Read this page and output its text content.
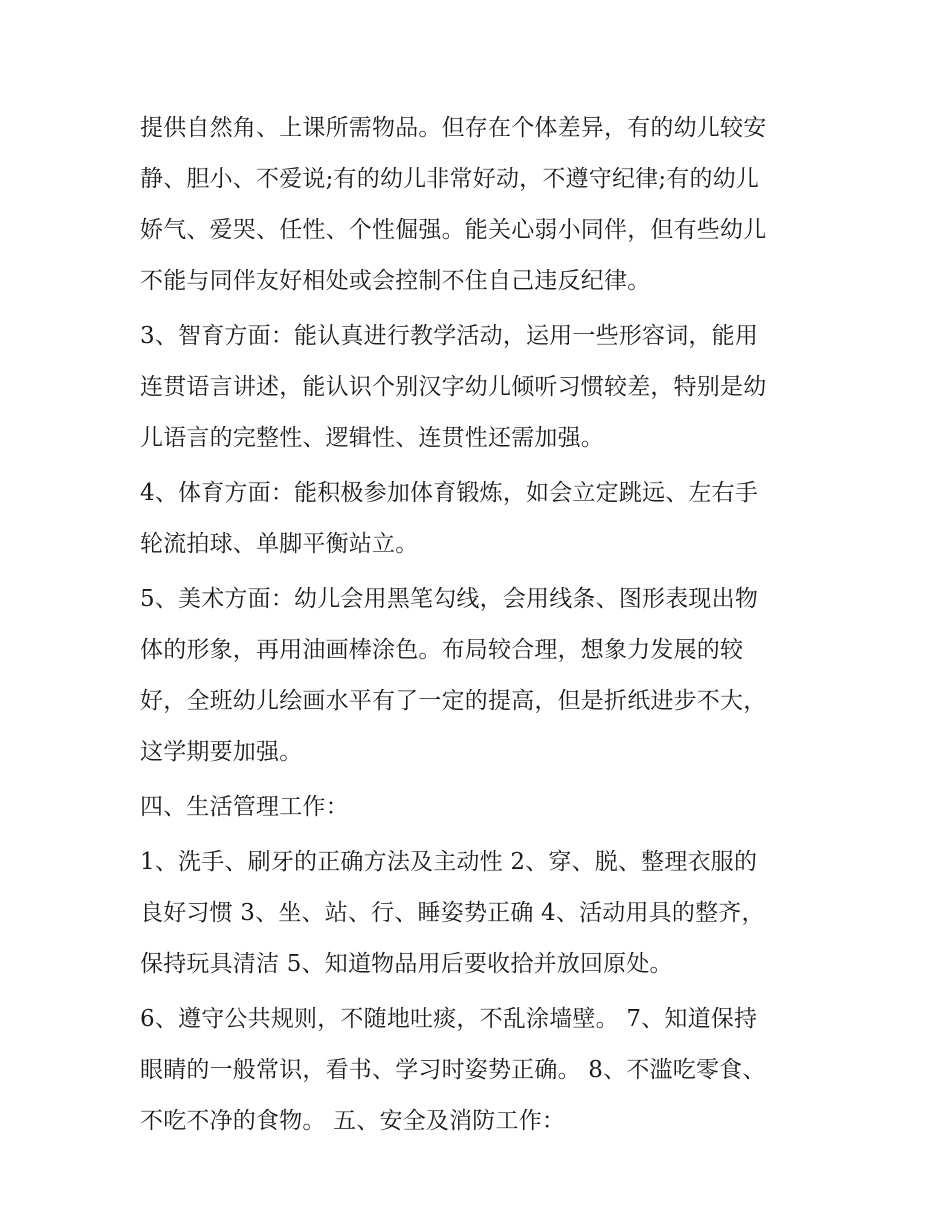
提供自然角、上课所需物品。但存在个体差异，有的幼儿较安
静、胆小、不爱说;有的幼儿非常好动，不遵守纪律;有的幼儿
娇气、爱哭、任性、个性倔强。能关心弱小同伴，但有些幼儿
不能与同伴友好相处或会控制不住自己违反纪律。
3、智育方面：能认真进行教学活动，运用一些形容词，能用
连贯语言讲述，能认识个别汉字幼儿倾听习惯较差，特别是幼
儿语言的完整性、逻辑性、连贯性还需加强。
4、体育方面：能积极参加体育锻炼，如会立定跳远、左右手
轮流拍球、单脚平衡站立。
5、美术方面：幼儿会用黑笔勾线，会用线条、图形表现出物
体的形象，再用油画棒涂色。布局较合理，想象力发展的较
好，全班幼儿绘画水平有了一定的提高，但是折纸进步不大，
这学期要加强。
四、生活管理工作：
1、洗手、刷牙的正确方法及主动性 2、穿、脱、整理衣服的
良好习惯 3、坐、站、行、睡姿势正确 4、活动用具的整齐，
保持玩具清洁 5、知道物品用后要收拾并放回原处。
6、遵守公共规则，不随地吐痰，不乱涂墙壁。 7、知道保持
眼睛的一般常识，看书、学习时姿势正确。 8、不滥吃零食、
不吃不净的食物。 五、安全及消防工作：
